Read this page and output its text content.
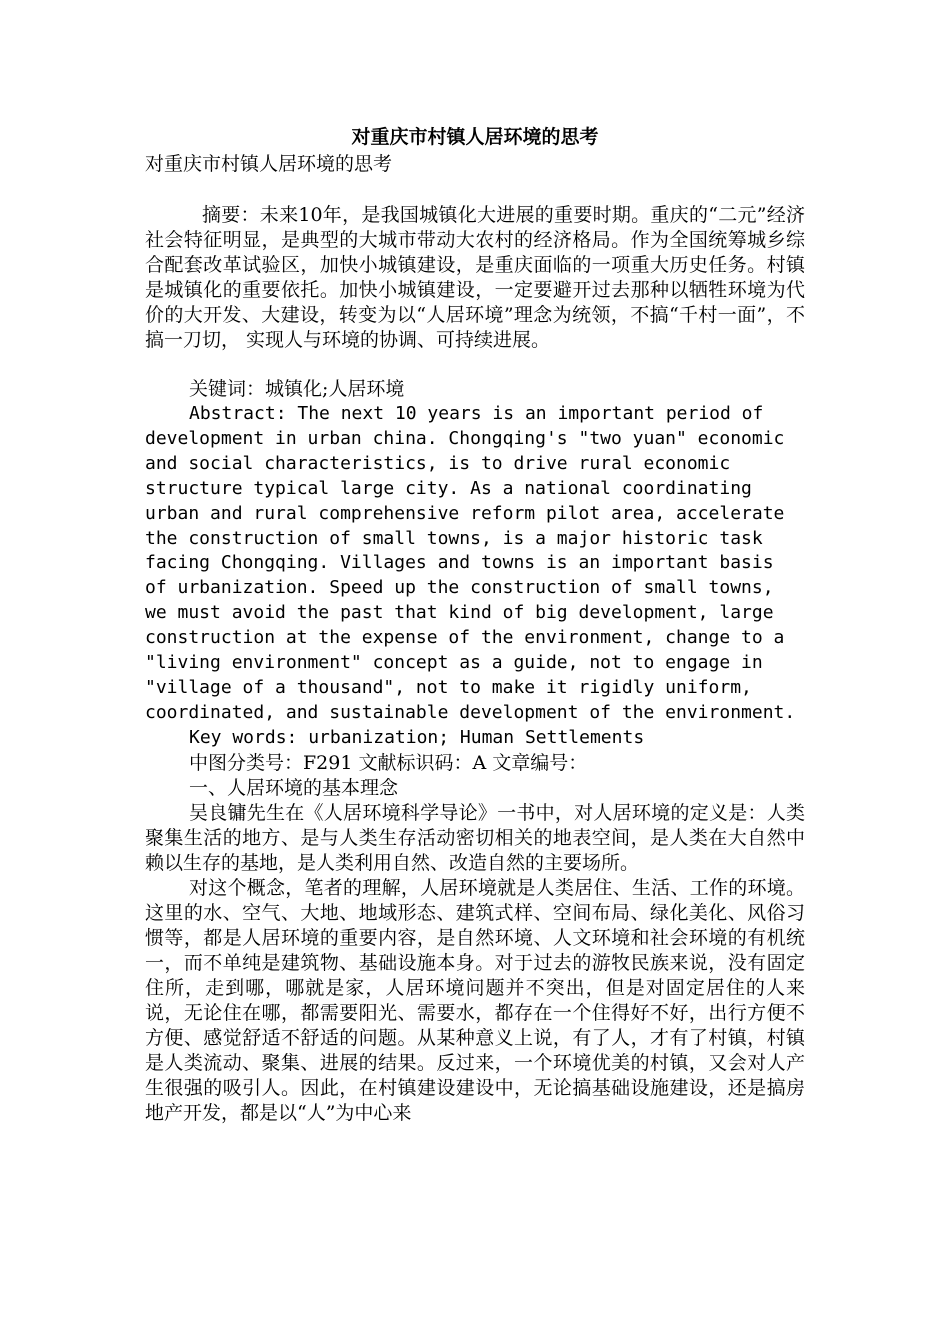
对重庆市村镇人居环境的思考

对重庆市村镇人居环境的思考

摘要：未来10年，是我国城镇化大进展的重要时期。重庆的“二元”经济社会特征明显，是典型的大城市带动大农村的经济格局。作为全国统筹城乡综合配套改革试验区，加快小城镇建设，是重庆面临的一项重大历史任务。村镇是城镇化的重要依托。加快小城镇建设，一定要避开过去那种以牺牲环境为代价的大开发、大建设，转变为以“人居环境”理念为统领，不搞“千村一面”，不搞一刀切， 实现人与环境的协调、可持续进展。

关键词：城镇化;人居环境

Abstract: The next 10 years is an important period of development in urban china. Chongqing's "two yuan" economic and social characteristics, is to drive rural economic structure typical large city. As a national coordinating urban and rural comprehensive reform pilot area, accelerate the construction of small towns, is a major historic task facing Chongqing. Villages and towns is an important basis of urbanization. Speed up the construction of small towns, we must avoid the past that kind of big development, large construction at the expense of the environment, change to a "living environment" concept as a guide, not to engage in "village of a thousand", not to make it rigidly uniform, coordinated, and sustainable development of the environment.

Key words: urbanization; Human Settlements

中图分类号：F291 文献标识码：A 文章编号：

一、人居环境的基本理念

吴良镛先生在《人居环境科学导论》一书中，对人居环境的定义是：人类聚集生活的地方、是与人类生存活动密切相关的地表空间，是人类在大自然中赖以生存的基地，是人类利用自然、改造自然的主要场所。

对这个概念，笔者的理解，人居环境就是人类居住、生活、工作的环境。这里的水、空气、大地、地域形态、建筑式样、空间布局、绿化美化、风俗习惯等，都是人居环境的重要内容，是自然环境、人文环境和社会环境的有机统一，而不单纯是建筑物、基础设施本身。对于过去的游牧民族来说，没有固定住所，走到哪，哪就是家，人居环境问题并不突出，但是对固定居住的人来说，无论住在哪，都需要阳光、需要水，都存在一个住得好不好，出行方便不方便、感觉舒适不舒适的问题。从某种意义上说，有了人，才有了村镇，村镇是人类流动、聚集、进展的结果。反过来，一个环境优美的村镇，又会对人产生很强的吸引人。因此，在村镇建设建设中，无论搞基础设施建设，还是搞房地产开发，都是以“人”为中心来
